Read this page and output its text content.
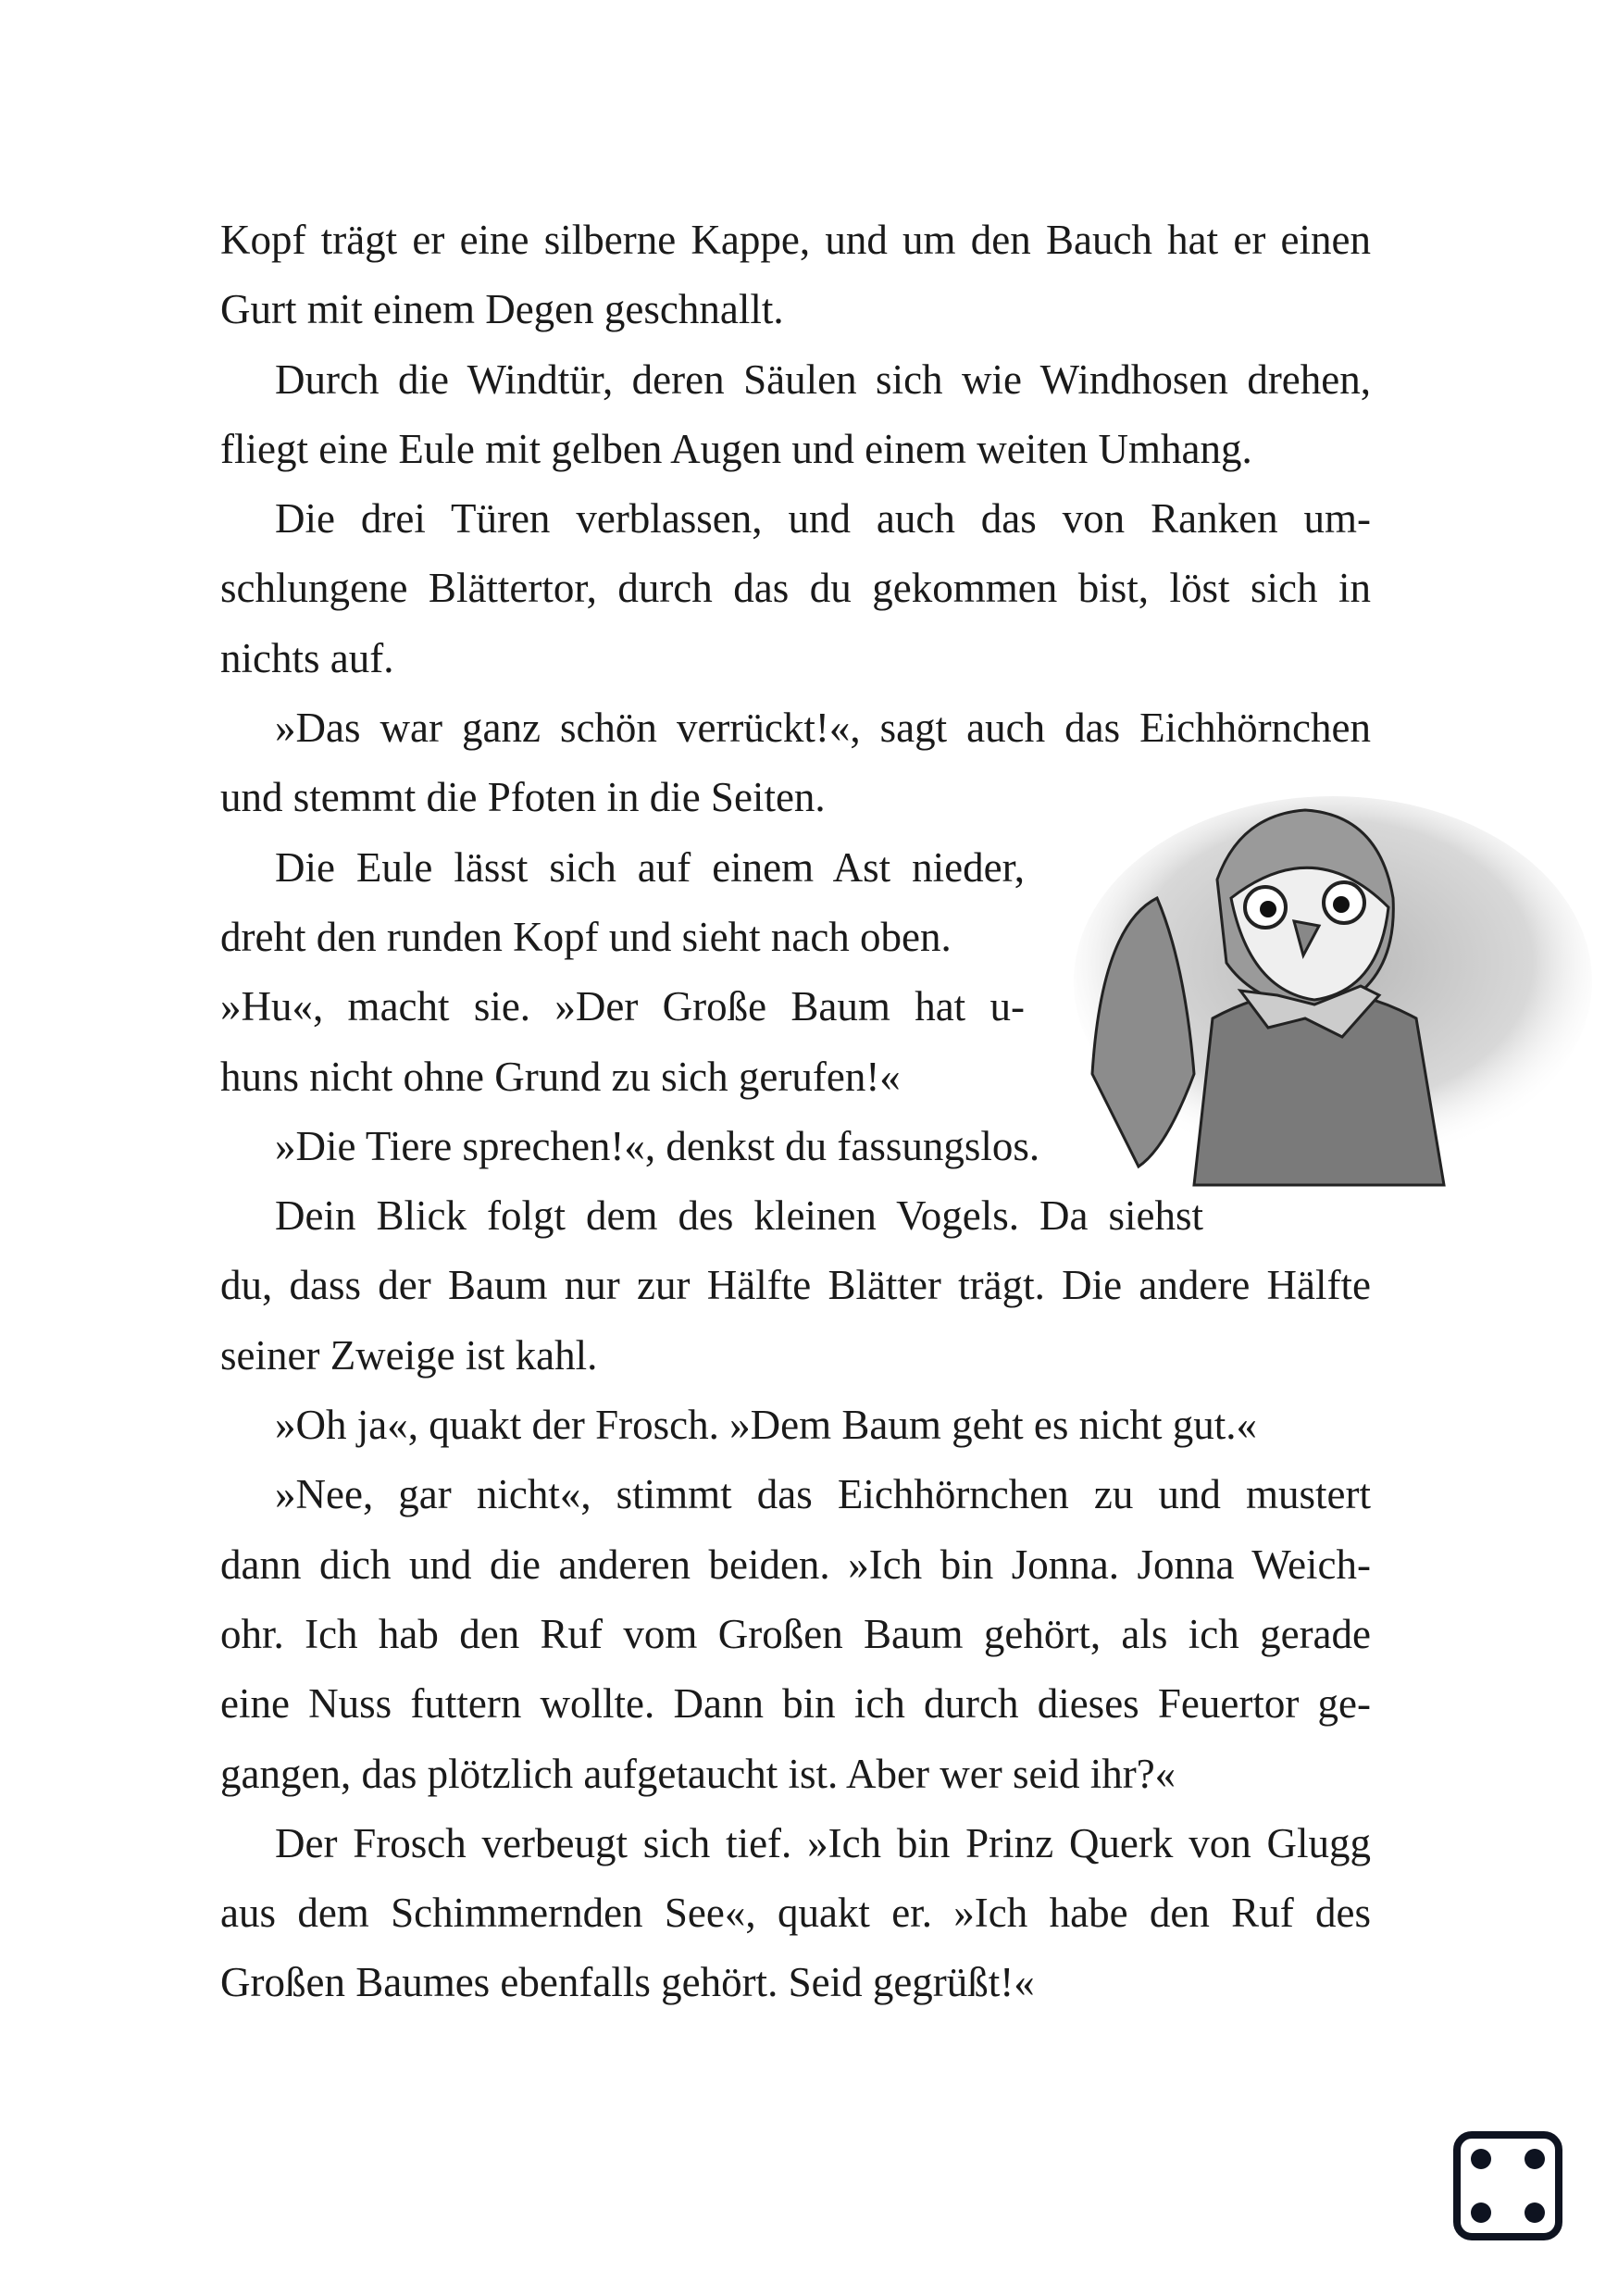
Kopf trägt er eine silberne Kappe, und um den Bauch hat er einen
Gurt mit einem Degen geschnallt.
Durch die Windtür, deren Säulen sich wie Windhosen drehen,
fliegt eine Eule mit gelben Augen und einem weiten Umhang.
Die drei Türen verblassen, und auch das von Ranken um-
schlungene Blättertor, durch das du gekommen bist, löst sich in
nichts auf.
»Das war ganz schön verrückt!«, sagt auch das Eichhörnchen
und stemmt die Pfoten in die Seiten.
Die Eule lässt sich auf einem Ast nieder,
dreht den runden Kopf und sieht nach oben.
»Hu«, macht sie. »Der Große Baum hat u-
huns nicht ohne Grund zu sich gerufen!«
»Die Tiere sprechen!«, denkst du fassungslos.
Dein Blick folgt dem des kleinen Vogels. Da siehst
du, dass der Baum nur zur Hälfte Blätter trägt. Die andere Hälfte
seiner Zweige ist kahl.
»Oh ja«, quakt der Frosch. »Dem Baum geht es nicht gut.«
»Nee, gar nicht«, stimmt das Eichhörnchen zu und mustert
dann dich und die anderen beiden. »Ich bin Jonna. Jonna Weich-
ohr. Ich hab den Ruf vom Großen Baum gehört, als ich gerade
eine Nuss futtern wollte. Dann bin ich durch dieses Feuertor ge-
gangen, das plötzlich aufgetaucht ist. Aber wer seid ihr?«
Der Frosch verbeugt sich tief. »Ich bin Prinz Querk von Glugg
aus dem Schimmernden See«, quakt er. »Ich habe den Ruf des
Großen Baumes ebenfalls gehört. Seid gegrüßt!«
